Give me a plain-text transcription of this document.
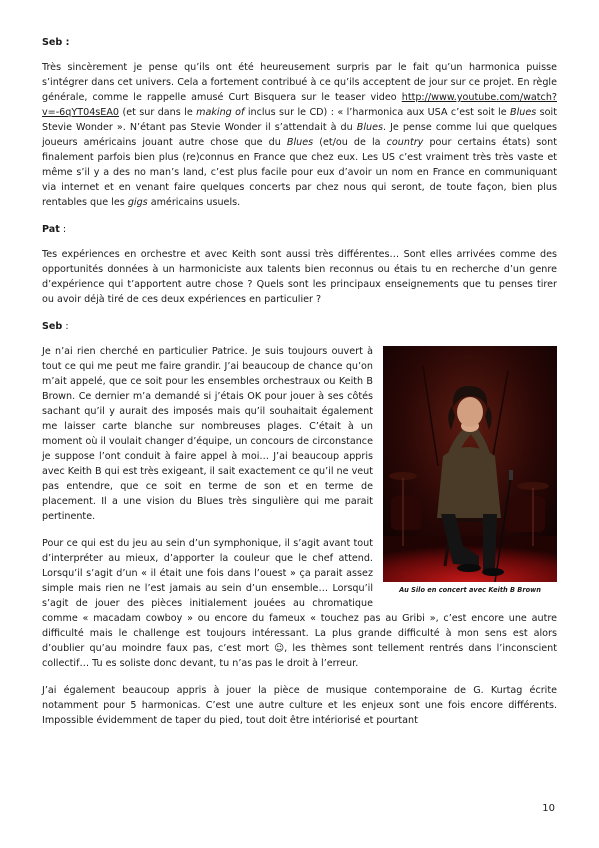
Seb :

Très sincèrement je pense qu’ils ont été heureusement surpris par le fait qu’un harmonica puisse s’intégrer dans cet univers. Cela a fortement contribué à ce qu’ils acceptent de jour sur ce projet. En règle générale, comme le rappelle amusé Curt Bisquera sur le teaser video http://www.youtube.com/watch?v=-6qYT04sEA0 (et sur dans le making of inclus sur le CD) : « l’harmonica aux USA c’est soit le Blues soit Stevie Wonder ». N’étant pas Stevie Wonder il s’attendait à du Blues. Je pense comme lui que quelques joueurs américains jouant autre chose que du Blues (et/ou de la country pour certains états) sont finalement parfois bien plus (re)connus en France que chez eux. Les US c’est vraiment très très vaste et même s’il y a des no man’s land, c’est plus facile pour eux d’avoir un nom en France en communiquant via internet et en venant faire quelques concerts par chez nous qui seront, de toute façon, bien plus rentables que les gigs américains usuels.

Pat :

Tes expériences en orchestre et avec Keith sont aussi très différentes… Sont elles arrivées comme des opportunités données à un harmoniciste aux talents bien reconnus ou étais tu en recherche d’un genre d’expérience qui t’apportent autre chose ? Quels sont les principaux enseignements que tu penses tirer ou avoir déjà tiré de ces deux expériences en particulier ?

Seb :
Au Silo en concert avec Keith B Brown

Je n’ai rien cherché en particulier Patrice. Je suis toujours ouvert à tout ce qui me peut me faire grandir. J’ai beaucoup de chance qu’on m’ait appelé, que ce soit pour les ensembles orchestraux ou Keith B Brown. Ce dernier m’a demandé si j’étais OK pour jouer à ses côtés sachant qu’il y aurait des imposés mais qu’il souhaitait également me laisser carte blanche sur nombreuses plages. C’était à un moment où il voulait changer d’équipe, un concours de circonstance je suppose l’ont conduit à faire appel à moi… J’ai beaucoup appris avec Keith B qui est très exigeant, il sait exactement ce qu’il ne veut pas entendre, que ce soit en terme de son et en terme de placement. Il a une vision du Blues très singulière qui me parait pertinente.

Pour ce qui est du jeu au sein d’un symphonique, il s’agit avant tout d’interpréter au mieux, d’apporter la couleur que le chef attend. Lorsqu’il s’agit d’un « il était une fois dans l’ouest » ça parait assez simple mais rien ne l’est jamais au sein d’un ensemble… Lorsqu’il s’agit de jouer des pièces initialement jouées au chromatique comme « macadam cowboy » ou encore du fameux « touchez pas au Gribi », c’est encore une autre difficulté mais le challenge est toujours intéressant. La plus grande difficulté à mon sens est alors d’oublier qu’au moindre faux pas, c’est mort ☺, les thèmes sont tellement rentrés dans l’inconscient collectif… Tu es soliste donc devant, tu n’as pas le droit à l’erreur.

J’ai également beaucoup appris à jouer la pièce de musique contemporaine de G. Kurtag écrite notamment pour 5 harmonicas. C’est une autre culture et les enjeux sont une fois encore différents. Impossible évidemment de taper du pied, tout doit être intériorisé et pourtant

10
